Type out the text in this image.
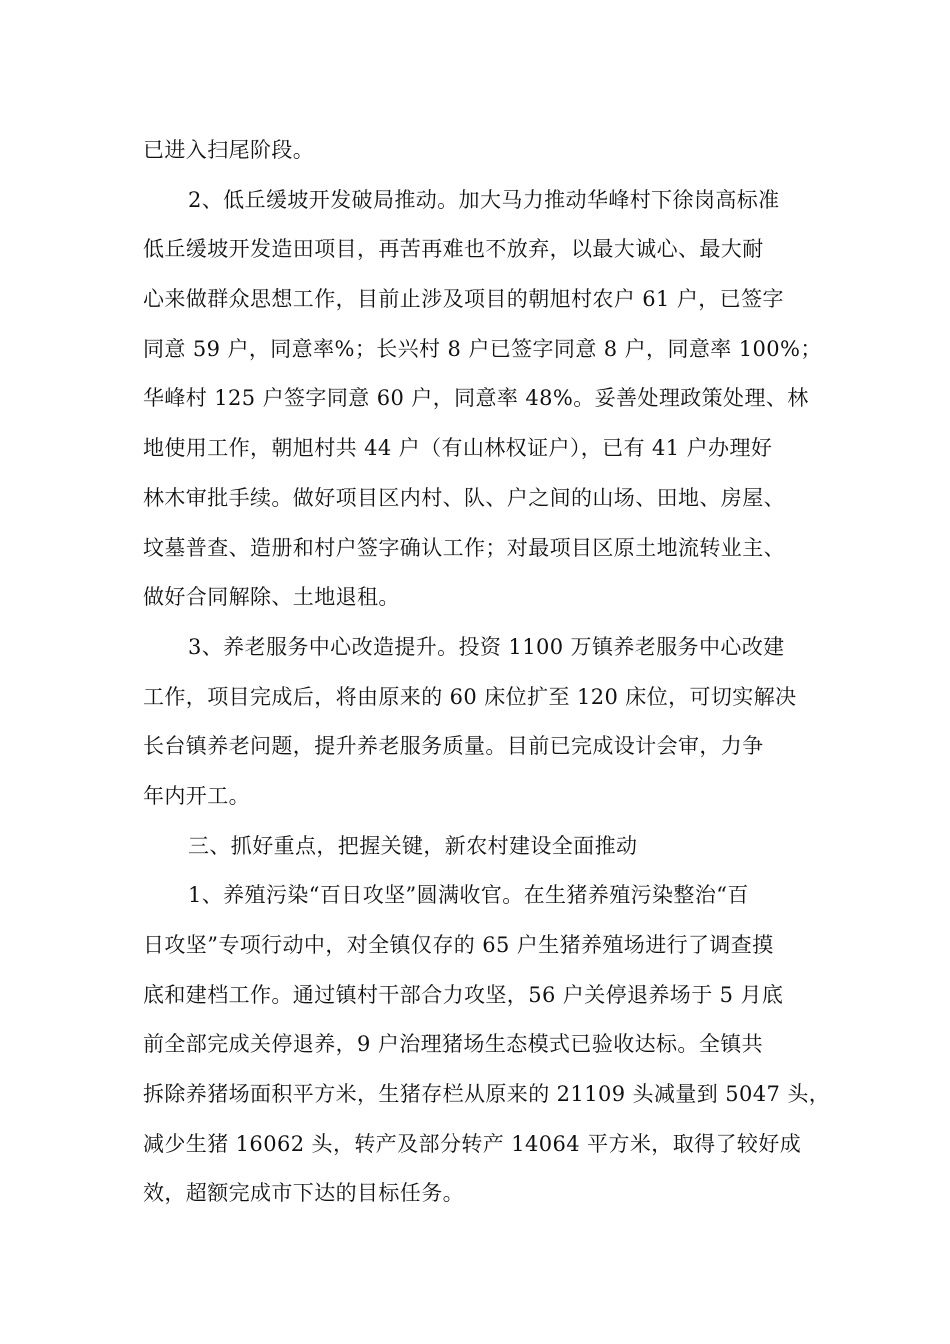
已进入扫尾阶段。
2、低丘缓坡开发破局推动。加大马力推动华峰村下徐岗高标准
低丘缓坡开发造田项目，再苦再难也不放弃，以最大诚心、最大耐
心来做群众思想工作，目前止涉及项目的朝旭村农户 61 户，已签字
同意 59 户，同意率%；长兴村 8 户已签字同意 8 户，同意率 100%；
华峰村 125 户签字同意 60 户，同意率 48%。妥善处理政策处理、林
地使用工作，朝旭村共 44 户（有山林权证户），已有 41 户办理好
林木审批手续。做好项目区内村、队、户之间的山场、田地、房屋、
坟墓普查、造册和村户签字确认工作；对最项目区原土地流转业主、
做好合同解除、土地退租。
3、养老服务中心改造提升。投资 1100 万镇养老服务中心改建
工作，项目完成后，将由原来的 60 床位扩至 120 床位，可切实解决
长台镇养老问题，提升养老服务质量。目前已完成设计会审，力争
年内开工。
三、抓好重点，把握关键，新农村建设全面推动
1、养殖污染“百日攻坚”圆满收官。在生猪养殖污染整治“百
日攻坚”专项行动中，对全镇仅存的 65 户生猪养殖场进行了调查摸
底和建档工作。通过镇村干部合力攻坚，56 户关停退养场于 5 月底
前全部完成关停退养，9 户治理猪场生态模式已验收达标。全镇共
拆除养猪场面积平方米，生猪存栏从原来的 21109 头减量到 5047 头，
减少生猪 16062 头，转产及部分转产 14064 平方米，取得了较好成
效，超额完成市下达的目标任务。
